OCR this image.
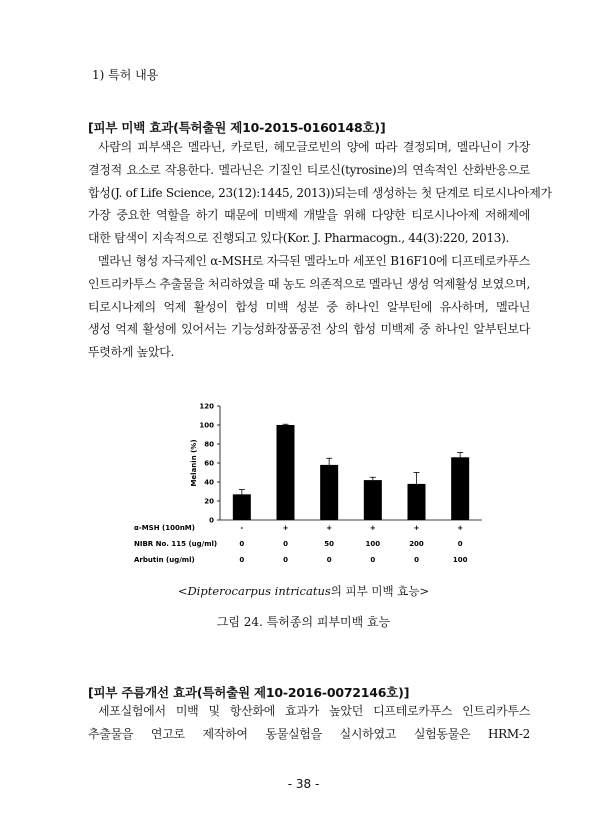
1) 특허 내용
[피부 미백 효과(특허출원 제10-2015-0160148호)]
사람의 피부색은 멜라닌, 카로틴, 헤모글로빈의 양에 따라 결정되며, 멜라닌이 가장
결정적 요소로 작용한다. 멜라닌은 기질인 티로신(tyrosine)의 연속적인 산화반응으로
합성(J. of Life Science, 23(12):1445, 2013))되는데 생성하는 첫 단계로 티로시나아제가
가장 중요한 역할을 하기 때문에 미백제 개발을 위해 다양한 티로시나아제 저해제에
대한 탐색이 지속적으로 진행되고 있다(Kor. J. Pharmacogn., 44(3):220, 2013).
멜라닌 형성 자극제인 α-MSH로 자극된 멜라노마 세포인 B16F10에 디프테로카푸스
인트리카투스 추출물을 처리하였을 때 농도 의존적으로 멜라닌 생성 억제활성 보였으며,
티로시나제의 억제 활성이 합성 미백 성분 중 하나인 알부틴에 유사하며, 멜라닌
생성 억제 활성에 있어서는 기능성화장품공전 상의 합성 미백제 중 하나인 알부틴보다
뚜렷하게 높았다.
Melanin (%)
0
20
40
60
80
100
120
α-MSH (100nM)	-	+	+	+	+	+
NIBR No. 115 (ug/ml)	0	0	50	100	200	0
Arbutin (ug/ml)	0	0	0	0	0	100
<Dipterocarpus intricatus의 피부 미백 효능>
그림 24. 특허종의 피부미백 효능
[피부 주름개선 효과(특허출원 제10-2016-0072146호)]
세포실험에서 미백 및 항산화에 효과가 높았던 디프테로카푸스 인트리카투스
추출물을 연고로 제작하여 동물실험을 실시하였고 실험동물은 HRM-2
- 38 -
